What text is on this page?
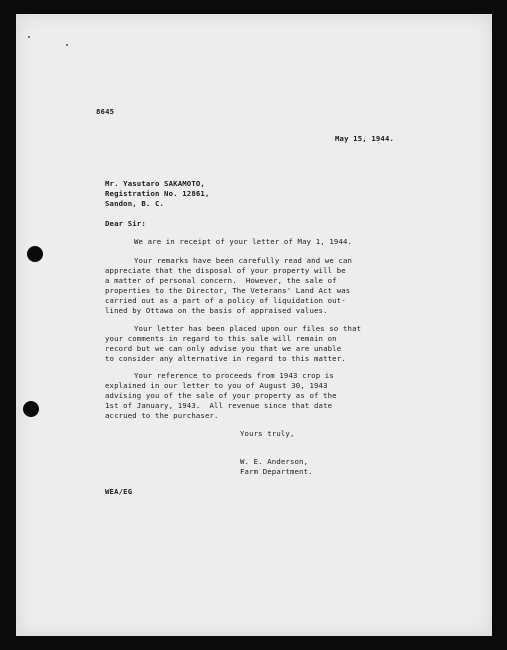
8645

May 15, 1944.

Mr. Yasutaro SAKAMOTO,

Registration No. 12861,

Sandon, B. C.

Dear Sir:

We are in receipt of your letter of May 1, 1944.

Your remarks have been carefully read and we can

appreciate that the disposal of your property will be

a matter of personal concern.  However, the sale of

properties to the Director, The Veterans' Land Act was

carried out as a part of a policy of liquidation out-

lined by Ottawa on the basis of appraised values.

Your letter has been placed upon our files so that

your comments in regard to this sale will remain on

record but we can only advise you that we are unable

to consider any alternative in regard to this matter.

Your reference to proceeds from 1943 crop is

explained in our letter to you of August 30, 1943

advising you of the sale of your property as of the

1st of January, 1943.  All revenue since that date

accrued to the purchaser.

Yours truly,

W. E. Anderson,

Farm Department.

WEA/EG
